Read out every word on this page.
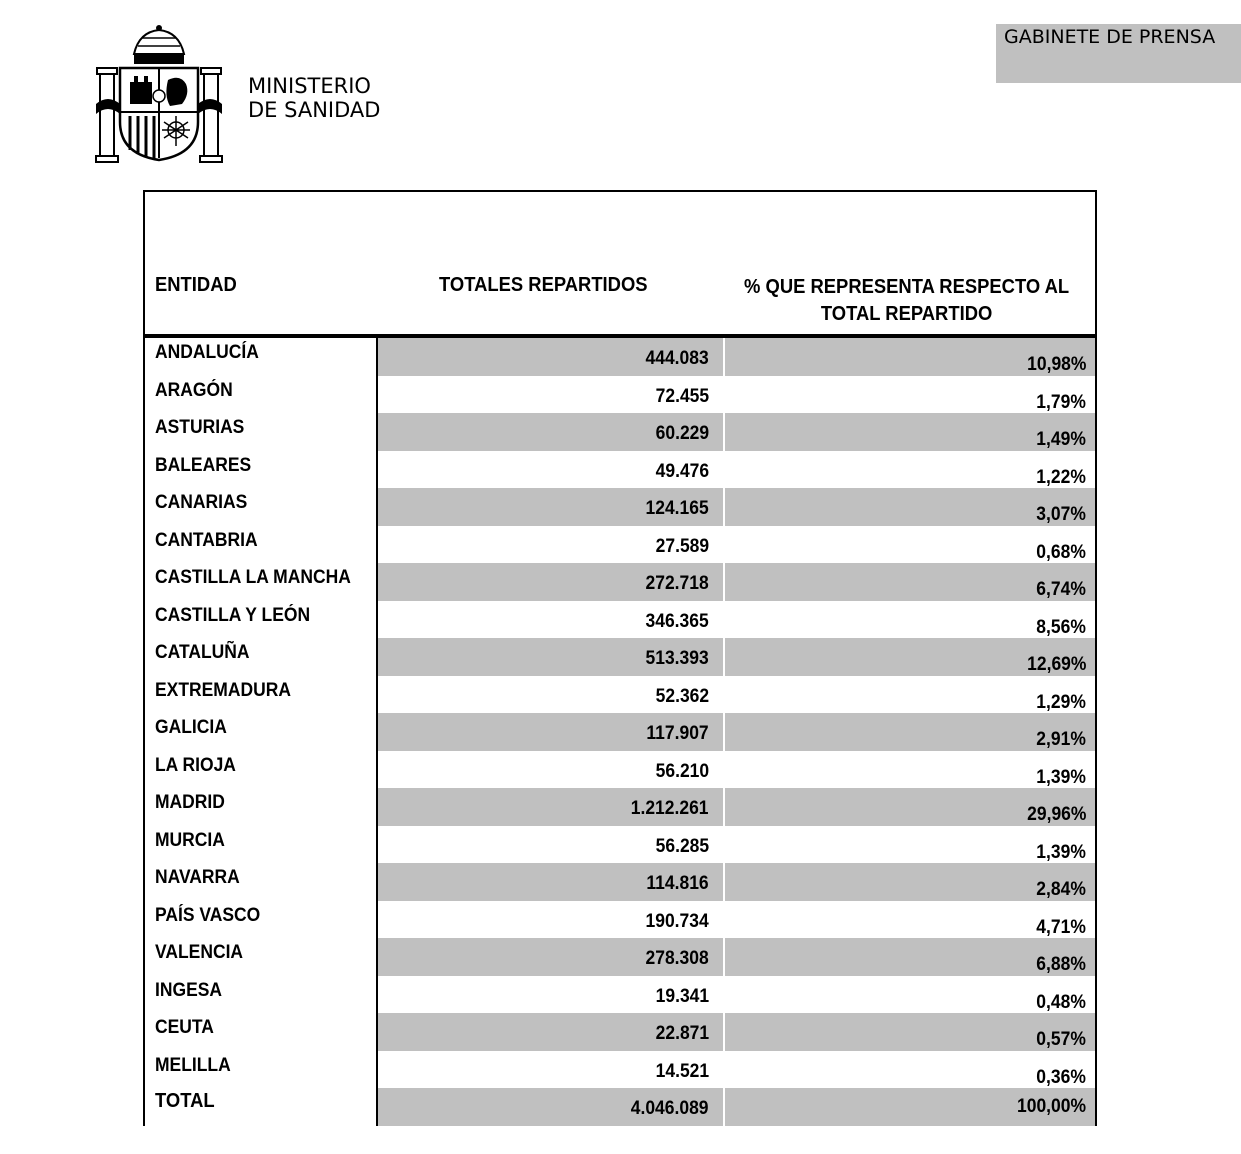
MINISTERIO
DE SANIDAD
GABINETE DE PRENSA
ENTIDAD	TOTALES REPARTIDOS	% QUE REPRESENTA RESPECTO AL
TOTAL REPARTIDO
ANDALUCÍA	444.083	10,98%
ARAGÓN	72.455	1,79%
ASTURIAS	60.229	1,49%
BALEARES	49.476	1,22%
CANARIAS	124.165	3,07%
CANTABRIA	27.589	0,68%
CASTILLA LA MANCHA	272.718	6,74%
CASTILLA Y LEÓN	346.365	8,56%
CATALUÑA	513.393	12,69%
EXTREMADURA	52.362	1,29%
GALICIA	117.907	2,91%
LA RIOJA	56.210	1,39%
MADRID	1.212.261	29,96%
MURCIA	56.285	1,39%
NAVARRA	114.816	2,84%
PAÍS VASCO	190.734	4,71%
VALENCIA	278.308	6,88%
INGESA	19.341	0,48%
CEUTA	22.871	0,57%
MELILLA	14.521	0,36%
TOTAL	4.046.089	100,00%
